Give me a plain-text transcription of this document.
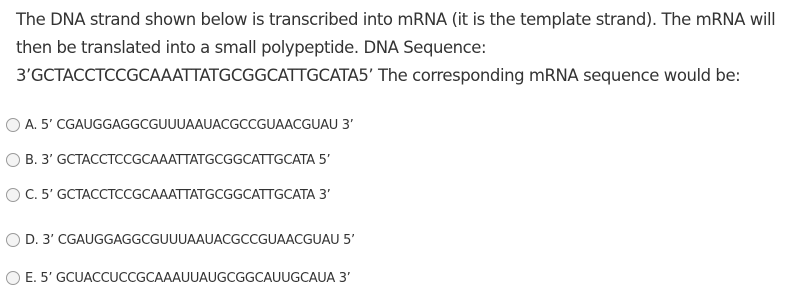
The DNA strand shown below is transcribed into mRNA (it is the template strand). The mRNA will

then be translated into a small polypeptide. DNA Sequence:

3’GCTACCTCCGCAAATTATGCGGCATTGCATA5’ The corresponding mRNA sequence would be:

A. 5’ CGAUGGAGGCGUUUAAUACGCCGUAACGUAU 3’
B. 3’ GCTACCTCCGCAAATTATGCGGCATTGCATA 5’
C. 5’ GCTACCTCCGCAAATTATGCGGCATTGCATA 3’
D. 3’ CGAUGGAGGCGUUUAAUACGCCGUAACGUAU 5’
E. 5’ GCUACCUCCGCAAAUUAUGCGGCAUUGCAUA 3’
